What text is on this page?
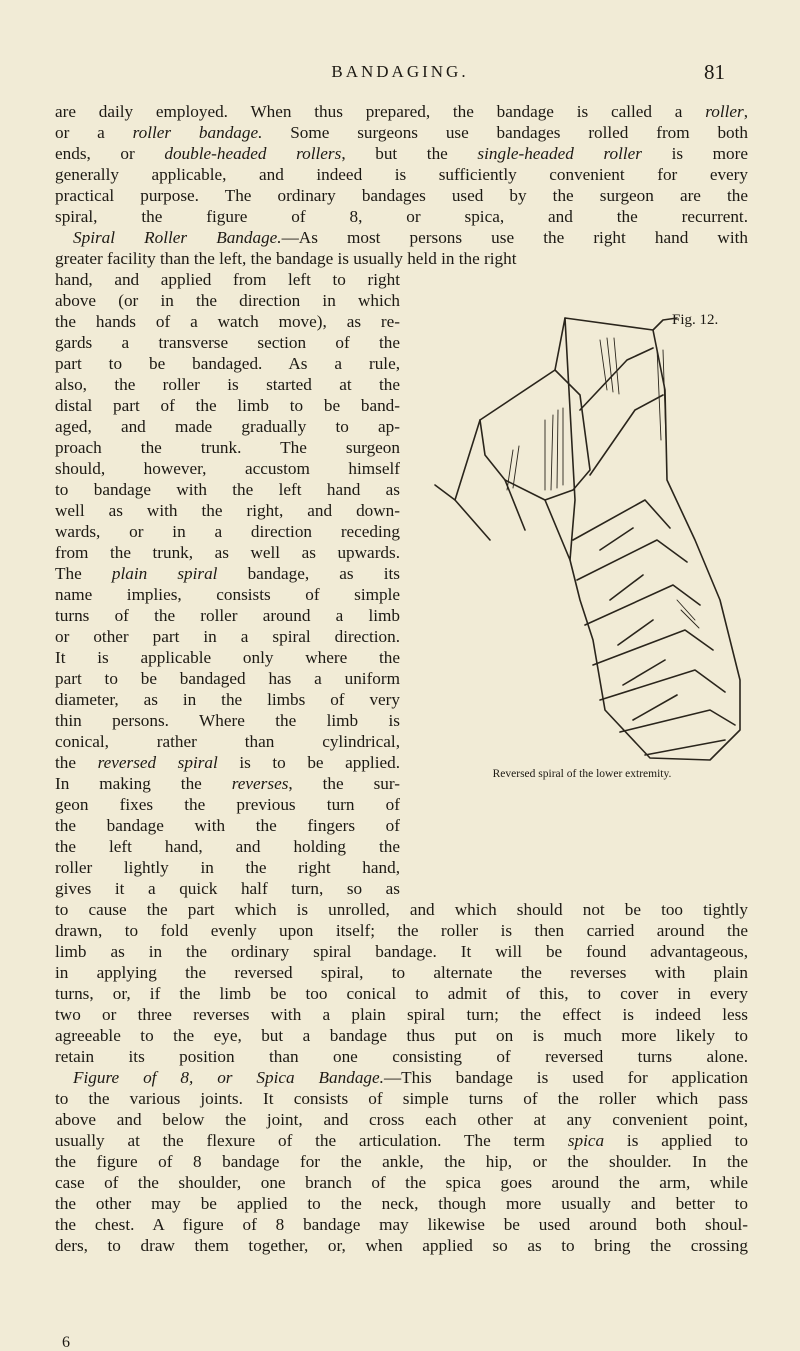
BANDAGING.	81
are daily employed. When thus prepared, the bandage is called a roller,
or a roller bandage. Some surgeons use bandages rolled from both
ends, or double-headed rollers, but the single-headed roller is more
generally applicable, and indeed is sufficiently convenient for every
practical purpose. The ordinary bandages used by the surgeon are the
spiral, the figure of 8, or spica, and the recurrent.
Spiral Roller Bandage.—As most persons use the right hand with
greater facility than the left, the bandage is usually held in the right
hand, and applied from left to right
above (or in the direction in which
the hands of a watch move), as re-
gards a transverse section of the
part to be bandaged. As a rule,
also, the roller is started at the
distal part of the limb to be band-
aged, and made gradually to ap-
proach the trunk. The surgeon
should, however, accustom himself
to bandage with the left hand as
well as with the right, and down-
wards, or in a direction receding
from the trunk, as well as upwards.
The plain spiral bandage, as its
name implies, consists of simple
turns of the roller around a limb
or other part in a spiral direction.
It is applicable only where the
part to be bandaged has a uniform
diameter, as in the limbs of very
thin persons. Where the limb is
conical, rather than cylindrical,
the reversed spiral is to be applied.
In making the reverses, the sur-
geon fixes the previous turn of
the bandage with the fingers of
the left hand, and holding the
roller lightly in the right hand,
gives it a quick half turn, so as
to cause the part which is unrolled, and which should not be too tightly
drawn, to fold evenly upon itself; the roller is then carried around the
limb as in the ordinary spiral bandage. It will be found advantageous,
in applying the reversed spiral, to alternate the reverses with plain
turns, or, if the limb be too conical to admit of this, to cover in every
two or three reverses with a plain spiral turn; the effect is indeed less
agreeable to the eye, but a bandage thus put on is much more likely to
retain its position than one consisting of reversed turns alone.
Figure of 8, or Spica Bandage.—This bandage is used for application
to the various joints. It consists of simple turns of the roller which pass
above and below the joint, and cross each other at any convenient point,
usually at the flexure of the articulation. The term spica is applied to
the figure of 8 bandage for the ankle, the hip, or the shoulder. In the
case of the shoulder, one branch of the spica goes around the arm, while
the other may be applied to the neck, though more usually and better to
the chest. A figure of 8 bandage may likewise be used around both shoul-
ders, to draw them together, or, when applied so as to bring the crossing
Fig. 12.
Reversed spiral of the lower extremity.
6
